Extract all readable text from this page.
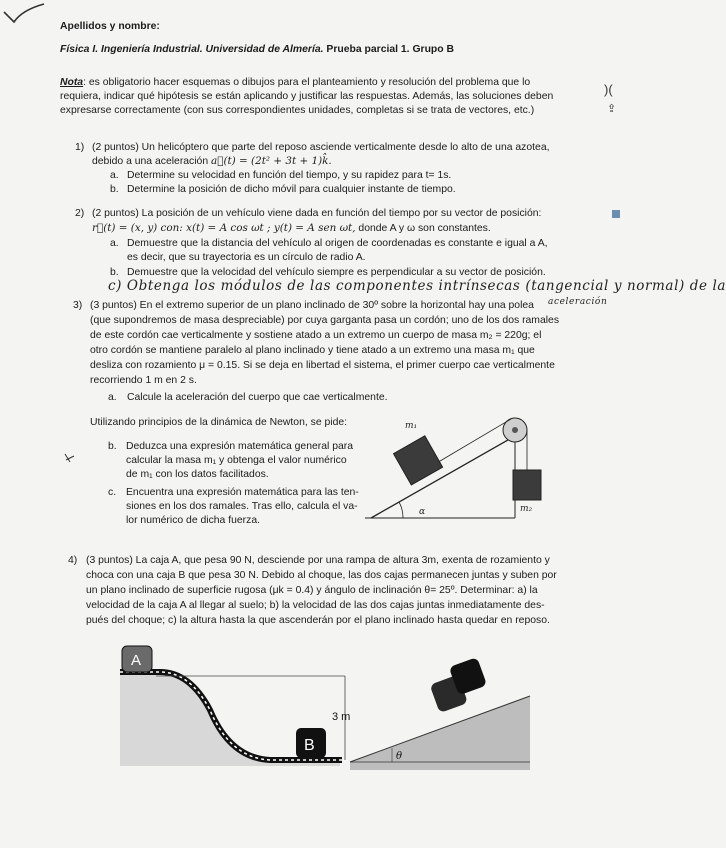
Apellidos y nombre:
Física I. Ingeniería Industrial. Universidad de Almería. Prueba parcial 1. Grupo B
Nota: es obligatorio hacer esquemas o dibujos para el planteamiento y resolución del problema que lo
requiera, indicar qué hipótesis se están aplicando y justificar las respuestas. Además, las soluciones deben
expresarse correctamente (con sus correspondientes unidades, completas si se trata de vectores, etc.)
)(
⇪
1) (2 puntos) Un helicóptero que parte del reposo asciende verticalmente desde lo alto de una azotea,
debido a una aceleración a⃗(t) = (2t² + 3t + 1)k̂.
a. Determine su velocidad en función del tiempo, y su rapidez para t= 1s.
b. Determine la posición de dicho móvil para cualquier instante de tiempo.
2) (2 puntos) La posición de un vehículo viene dada en función del tiempo por su vector de posición:
r⃗(t) = (x, y) con: x(t) = A cos ωt ; y(t) = A sen ωt, donde A y ω son constantes.
a. Demuestre que la distancia del vehículo al origen de coordenadas es constante e igual a A,
es decir, que su trayectoria es un círculo de radio A.
b. Demuestre que la velocidad del vehículo siempre es perpendicular a su vector de posición.
c) Obtenga los módulos de las componentes intrínsecas (tangencial y normal) de la
aceleración
3) (3 puntos) En el extremo superior de un plano inclinado de 30º sobre la horizontal hay una polea
(que supondremos de masa despreciable) por cuya garganta pasa un cordón; uno de los dos ramales
de este cordón cae verticalmente y sostiene atado a un extremo un cuerpo de masa m₂ = 220g; el
otro cordón se mantiene paralelo al plano inclinado y tiene atado a un extremo una masa m₁ que
desliza con rozamiento μ = 0.15. Si se deja en libertad el sistema, el primer cuerpo cae verticalmente
recorriendo 1 m en 2 s.
a. Calcule la aceleración del cuerpo que cae verticalmente.
Utilizando principios de la dinámica de Newton, se pide:
b. Deduzca una expresión matemática general para
calcular la masa m₁ y obtenga el valor numérico
de m₁ con los datos facilitados.
c. Encuentra una expresión matemática para las ten-
siones en los dos ramales. Tras ello, calcula el va-
lor numérico de dicha fuerza.
m₁
m₂
α
4) (3 puntos) La caja A, que pesa 90 N, desciende por una rampa de altura 3m, exenta de rozamiento y
choca con una caja B que pesa 30 N. Debido al choque, las dos cajas permanecen juntas y suben por
un plano inclinado de superficie rugosa (μk = 0.4) y ángulo de inclinación θ= 25º. Determinar: a) la
velocidad de la caja A al llegar al suelo; b) la velocidad de las dos cajas juntas inmediatamente des-
pués del choque; c) la altura hasta la que ascenderán por el plano inclinado hasta quedar en reposo.
3 m
A
B
θ
